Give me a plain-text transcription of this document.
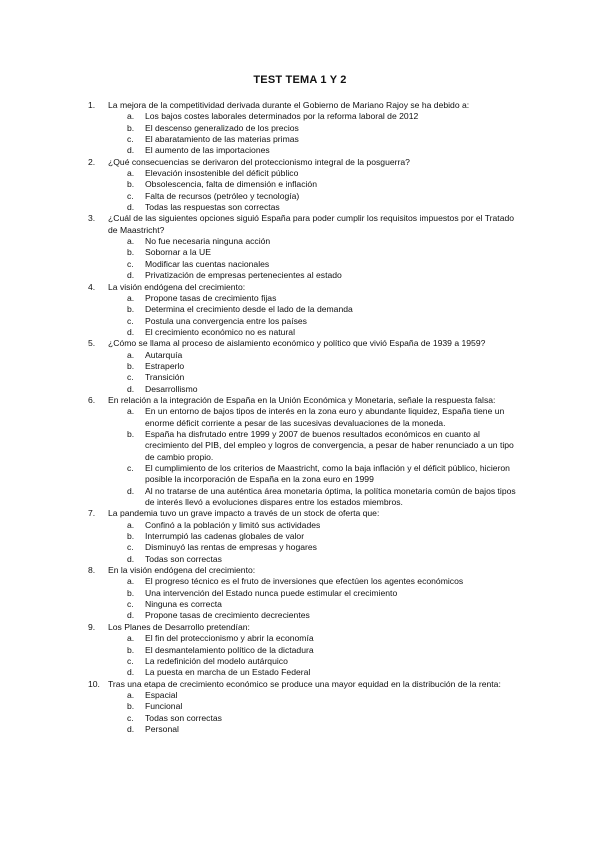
TEST TEMA 1 Y 2
1. La mejora de la competitividad derivada durante el Gobierno de Mariano Rajoy se ha debido a:
a. Los bajos costes laborales determinados por la reforma laboral de 2012
b. El descenso generalizado de los precios
c. El abaratamiento de las materias primas
d. El aumento de las importaciones
2. ¿Qué consecuencias se derivaron del proteccionismo integral de la posguerra?
a. Elevación insostenible del déficit público
b. Obsolescencia, falta de dimensión e inflación
c. Falta de recursos (petróleo y tecnología)
d. Todas las respuestas son correctas
3. ¿Cuál de las siguientes opciones siguió España para poder cumplir los requisitos impuestos por el Tratado de Maastricht?
a. No fue necesaria ninguna acción
b. Sobornar a la UE
c. Modificar las cuentas nacionales
d. Privatización de empresas pertenecientes al estado
4. La visión endógena del crecimiento:
a. Propone tasas de crecimiento fijas
b. Determina el crecimiento desde el lado de la demanda
c. Postula una convergencia entre los países
d. El crecimiento económico no es natural
5. ¿Cómo se llama al proceso de aislamiento económico y político que vivió España de 1939 a 1959?
a. Autarquía
b. Estraperlo
c. Transición
d. Desarrollismo
6. En relación a la integración de España en la Unión Económica y Monetaria, señale la respuesta falsa:
a. En un entorno de bajos tipos de interés en la zona euro y abundante liquidez, España tiene un enorme déficit corriente a pesar de las sucesivas devaluaciones de la moneda.
b. España ha disfrutado entre 1999 y 2007 de buenos resultados económicos en cuanto al crecimiento del PIB, del empleo y logros de convergencia, a pesar de haber renunciado a un tipo de cambio propio.
c. El cumplimiento de los criterios de Maastricht, como la baja inflación y el déficit público, hicieron posible la incorporación de España en la zona euro en 1999
d. Al no tratarse de una auténtica área monetaria óptima, la política monetaria común de bajos tipos de interés llevó a evoluciones dispares entre los estados miembros.
7. La pandemia tuvo un grave impacto a través de un stock de oferta que:
a. Confinó a la población y limitó sus actividades
b. Interrumpió las cadenas globales de valor
c. Disminuyó las rentas de empresas y hogares
d. Todas son correctas
8. En la visión endógena del crecimiento:
a. El progreso técnico es el fruto de inversiones que efectúen los agentes económicos
b. Una intervención del Estado nunca puede estimular el crecimiento
c. Ninguna es correcta
d. Propone tasas de crecimiento decrecientes
9. Los Planes de Desarrollo pretendían:
a. El fin del proteccionismo y abrir la economía
b. El desmantelamiento político de la dictadura
c. La redefinición del modelo autárquico
d. La puesta en marcha de un Estado Federal
10. Tras una etapa de crecimiento económico se produce una mayor equidad en la distribución de la renta:
a. Espacial
b. Funcional
c. Todas son correctas
d. Personal
